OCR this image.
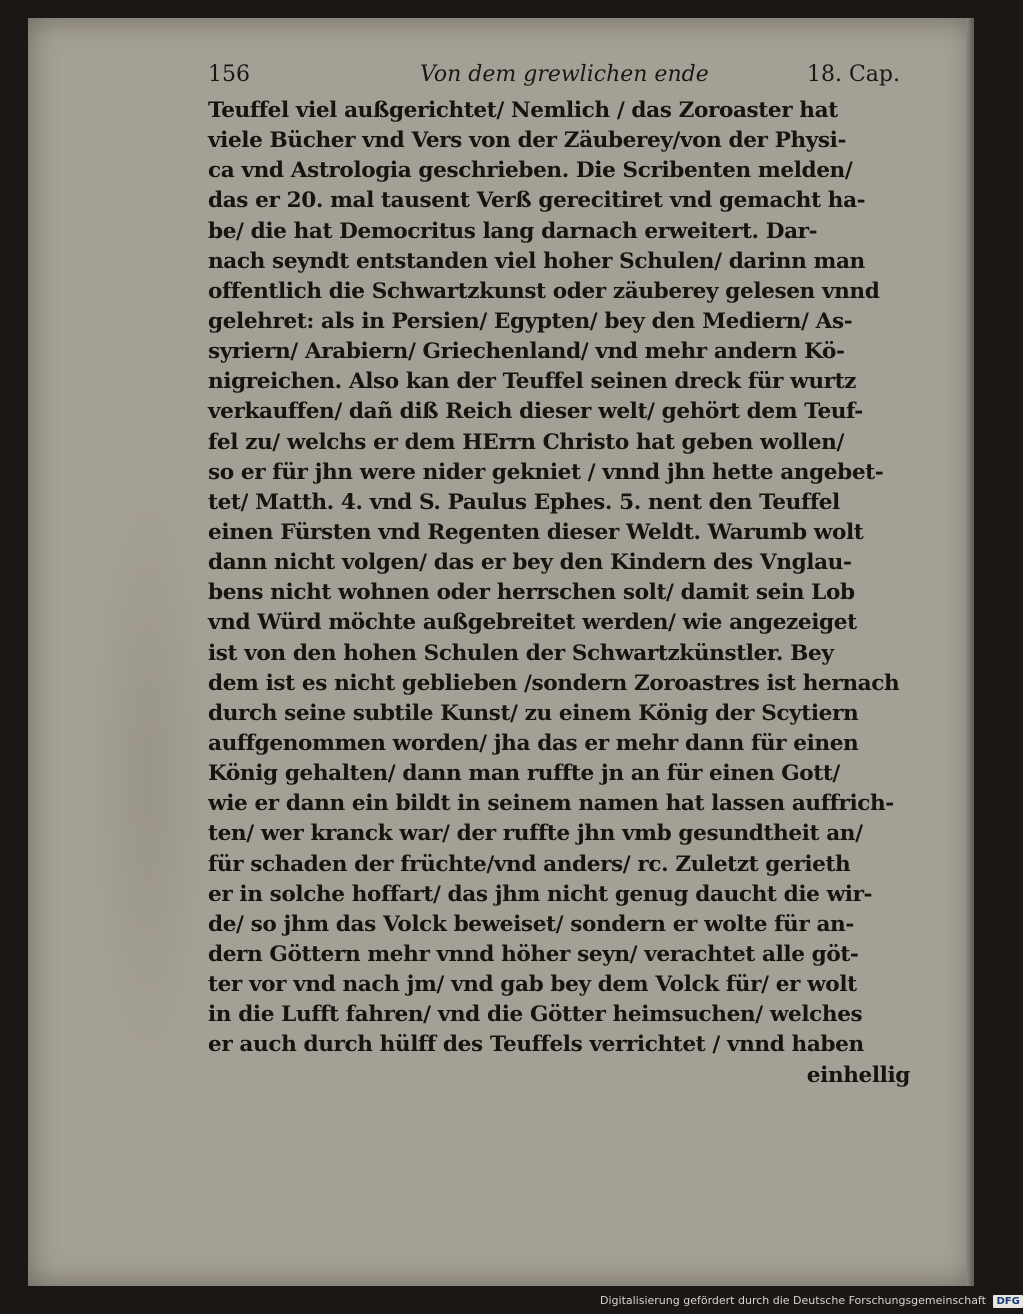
156	Von dem grewlichen ende	18. Cap.
Teuffel viel außgerichtet/ Nemlich / das Zoroaster hat
viele Bücher vnd Vers von der Zäuberey/von der Physi-
ca vnd Astrologia geschrieben. Die Scribenten melden/
das er 20. mal tausent Verß gerecitiret vnd gemacht ha-
be/ die hat Democritus lang darnach erweitert. Dar-
nach seyndt entstanden viel hoher Schulen/ darinn man
offentlich die Schwartzkunst oder zäuberey gelesen vnnd
gelehret: als in Persien/ Egypten/ bey den Mediern/ As-
syriern/ Arabiern/ Griechenland/ vnd mehr andern Kö-
nigreichen. Also kan der Teuffel seinen dreck für wurtz
verkauffen/ dañ diß Reich dieser welt/ gehört dem Teuf-
fel zu/ welchs er dem HErrn Christo hat geben wollen/
so er für jhn were nider gekniet / vnnd jhn hette angebet-
tet/ Matth. 4. vnd S. Paulus Ephes. 5. nent den Teuffel
einen Fürsten vnd Regenten dieser Weldt. Warumb wolt
dann nicht volgen/ das er bey den Kindern des Vnglau-
bens nicht wohnen oder herrschen solt/ damit sein Lob
vnd Würd möchte außgebreitet werden/ wie angezeiget
ist von den hohen Schulen der Schwartzkünstler. Bey
dem ist es nicht geblieben /sondern Zoroastres ist hernach
durch seine subtile Kunst/ zu einem König der Scytiern
auffgenommen worden/ jha das er mehr dann für einen
König gehalten/ dann man ruffte jn an für einen Gott/
wie er dann ein bildt in seinem namen hat lassen auffrich-
ten/ wer kranck war/ der ruffte jhn vmb gesundtheit an/
für schaden der früchte/vnd anders/ rc. Zuletzt gerieth
er in solche hoffart/ das jhm nicht genug daucht die wir-
de/ so jhm das Volck beweiset/ sondern er wolte für an-
dern Göttern mehr vnnd höher seyn/ verachtet alle göt-
ter vor vnd nach jm/ vnd gab bey dem Volck für/ er wolt
in die Lufft fahren/ vnd die Götter heimsuchen/ welches
er auch durch hülff des Teuffels verrichtet / vnnd haben
einhellig
Digitalisierung gefördert durch die Deutsche Forschungsgemeinschaft DFG
